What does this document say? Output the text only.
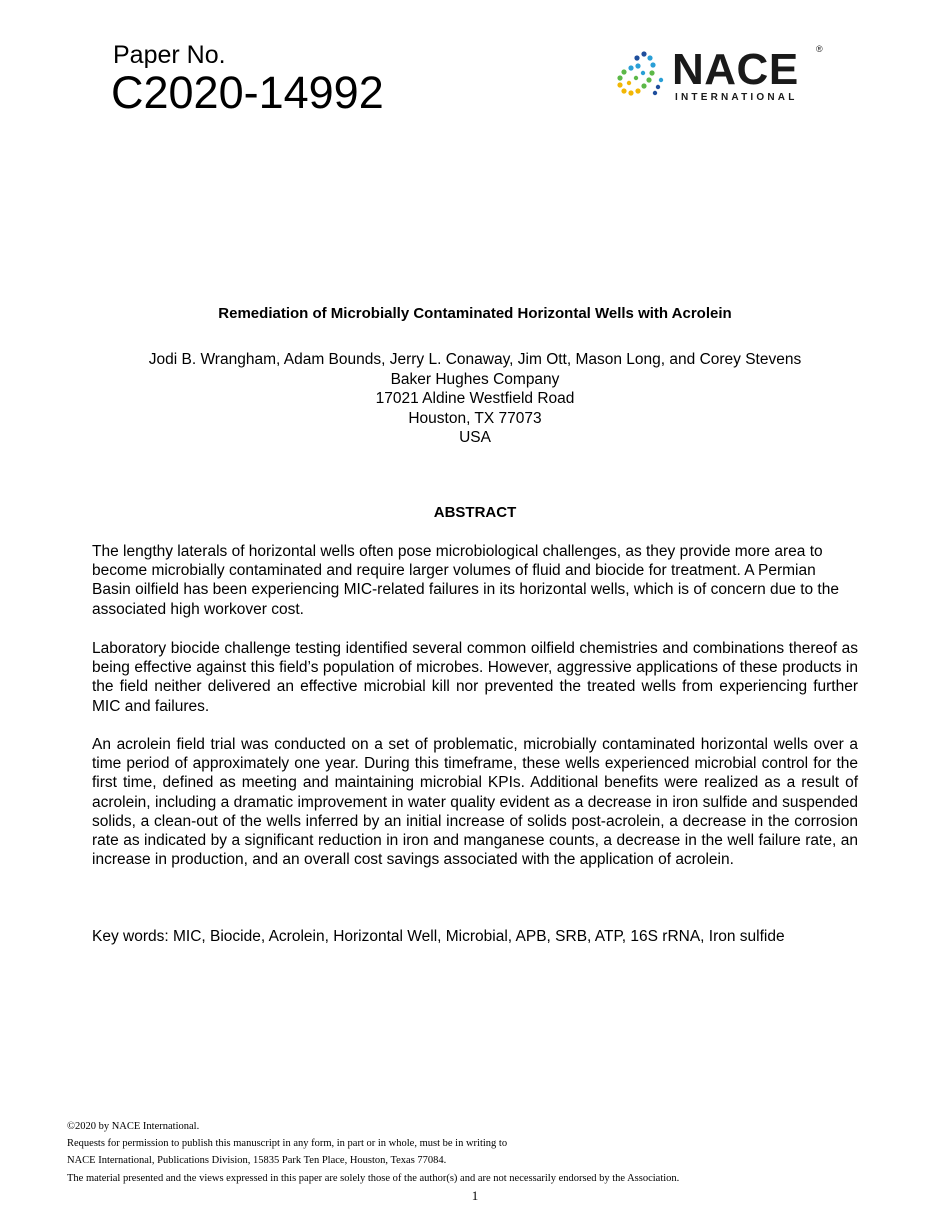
Paper No.
C2020-14992	NACE ®
INTERNATIONAL
Remediation of Microbially Contaminated Horizontal Wells with Acrolein
Jodi B. Wrangham, Adam Bounds, Jerry L. Conaway, Jim Ott, Mason Long, and Corey Stevens
Baker Hughes Company
17021 Aldine Westfield Road
Houston, TX 77073
USA
ABSTRACT

The lengthy laterals of horizontal wells often pose microbiological challenges, as they provide more area to become microbially contaminated and require larger volumes of fluid and biocide for treatment. A Permian Basin oilfield has been experiencing MIC-related failures in its horizontal wells, which is of concern due to the associated high workover cost.

Laboratory biocide challenge testing identified several common oilfield chemistries and combinations thereof as being effective against this field’s population of microbes. However, aggressive applications of these products in the field neither delivered an effective microbial kill nor prevented the treated wells from experiencing further MIC and failures.

An acrolein field trial was conducted on a set of problematic, microbially contaminated horizontal wells over a time period of approximately one year. During this timeframe, these wells experienced microbial control for the first time, defined as meeting and maintaining microbial KPIs. Additional benefits were realized as a result of acrolein, including a dramatic improvement in water quality evident as a decrease in iron sulfide and suspended solids, a clean-out of the wells inferred by an initial increase of solids post-acrolein, a decrease in the corrosion rate as indicated by a significant reduction in iron and manganese counts, a decrease in the well failure rate, an increase in production, and an overall cost savings associated with the application of acrolein.

Key words: MIC, Biocide, Acrolein, Horizontal Well, Microbial, APB, SRB, ATP, 16S rRNA, Iron sulfide
©2020 by NACE International.
Requests for permission to publish this manuscript in any form, in part or in whole, must be in writing to
NACE International, Publications Division, 15835 Park Ten Place, Houston, Texas 77084.
The material presented and the views expressed in this paper are solely those of the author(s) and are not necessarily endorsed by the Association.
1
